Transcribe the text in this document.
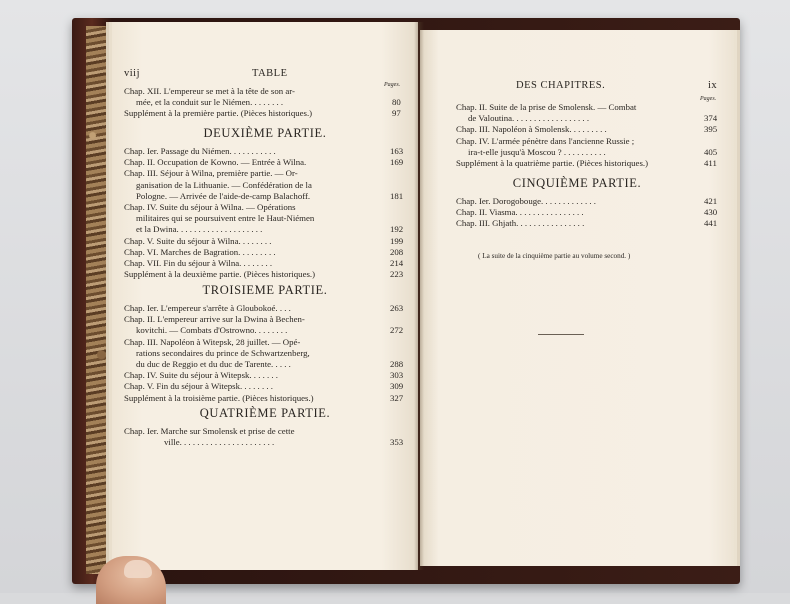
viij	TABLE
Pages.
Chap. XII. L'empereur se met à la tête de son ar-
mée, et la conduit sur le Niémen. . . . . . . .	80
Supplément à la première partie. (Pièces historiques.)	97
DEUXIÈME PARTIE.
Chap. Ier. Passage du Niémen. . . . . . . . . . .	163
Chap. II. Occupation de Kowno. — Entrée à Wilna.	169
Chap. III. Séjour à Wilna, première partie. — Or-
ganisation de la Lithuanie. — Confédération de la
Pologne. — Arrivée de l'aide-de-camp Balachoff.	181
Chap. IV. Suite du séjour à Wilna. — Opérations
militaires qui se poursuivent entre le Haut-Niémen
et la Dwina. . . . . . . . . . . . . . . . . . . .	192
Chap. V. Suite du séjour à Wilna. . . . . . . .	199
Chap. VI. Marches de Bagration. . . . . . . . .	208
Chap. VII. Fin du séjour à Wilna. . . . . . . .	214
Supplément à la deuxième partie. (Pièces historiques.)	223
TROISIEME PARTIE.
Chap. Ier. L'empereur s'arrête à Gloubokoé. . . .	263
Chap. II. L'empereur arrive sur la Dwina à Bechen-
kovitchi. — Combats d'Ostrowno. . . . . . . .	272
Chap. III. Napoléon à Witepsk, 28 juillet. — Opé-
rations secondaires du prince de Schwartzenberg,
du duc de Reggio et du duc de Tarente. . . . .	288
Chap. IV. Suite du séjour à Witepsk. . . . . . .	303
Chap. V. Fin du séjour à Witepsk. . . . . . . .	309
Supplément à la troisième partie. (Pièces historiques.)	327
QUATRIÈME PARTIE.
Chap. Ier. Marche sur Smolensk et prise de cette
ville. . . . . . . . . . . . . . . . . . . . . .	353
DES CHAPITRES.	ix
Pages.
Chap. II. Suite de la prise de Smolensk. — Combat
de Valoutina. . . . . . . . . . . . . . . . . .	374
Chap. III. Napoléon à Smolensk. . . . . . . . .	395
Chap. IV. L'armée pénètre dans l'ancienne Russie ;
ira-t-elle jusqu'à Moscou ? . . . . . . . . . .	405
Supplément à la quatrième partie. (Pièces historiques.)	411
CINQUIÈME PARTIE.
Chap. Ier. Dorogobouge. . . . . . . . . . . . .	421
Chap. II. Viasma. . . . . . . . . . . . . . . .	430
Chap. III. Ghjath. . . . . . . . . . . . . . . .	441
( La suite de la cinquième partie au volume second. )
